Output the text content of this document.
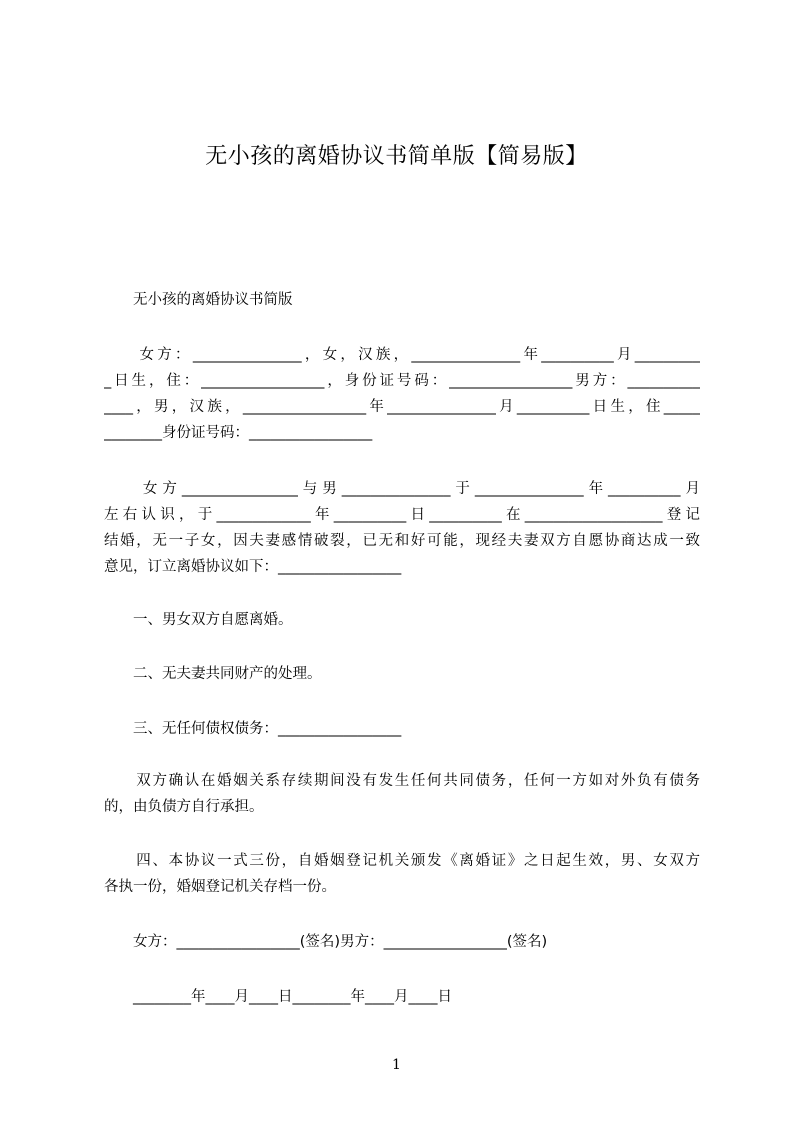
无小孩的离婚协议书简单版【简易版】
　　无小孩的离婚协议书简版
　　女方：_______________，女，汉族，_______________年__________月_________
_日生，住：_________________，身份证号码：_________________男方：__________
____，男，汉族，_________________年_______________月__________日生，住_____
________身份证号码：_________________
　　女方________________与男_______________于_______________年__________月
左右认识，于_____________年__________日__________在___________________登记
结婚，无一子女，因夫妻感情破裂，已无和好可能，现经夫妻双方自愿协商达成一致
意见，订立离婚协议如下：_________________
　　一、男女双方自愿离婚。
　　二、无夫妻共同财产的处理。
　　三、无任何债权债务：_________________
　　双方确认在婚姻关系存续期间没有发生任何共同债务，任何一方如对外负有债务
的，由负债方自行承担。
　　四、本协议一式三份，自婚姻登记机关颁发《离婚证》之日起生效，男、女双方
各执一份，婚姻登记机关存档一份。
　　女方：_________________(签名)男方：_________________(签名)
　　________年____月____日________年____月____日
1
